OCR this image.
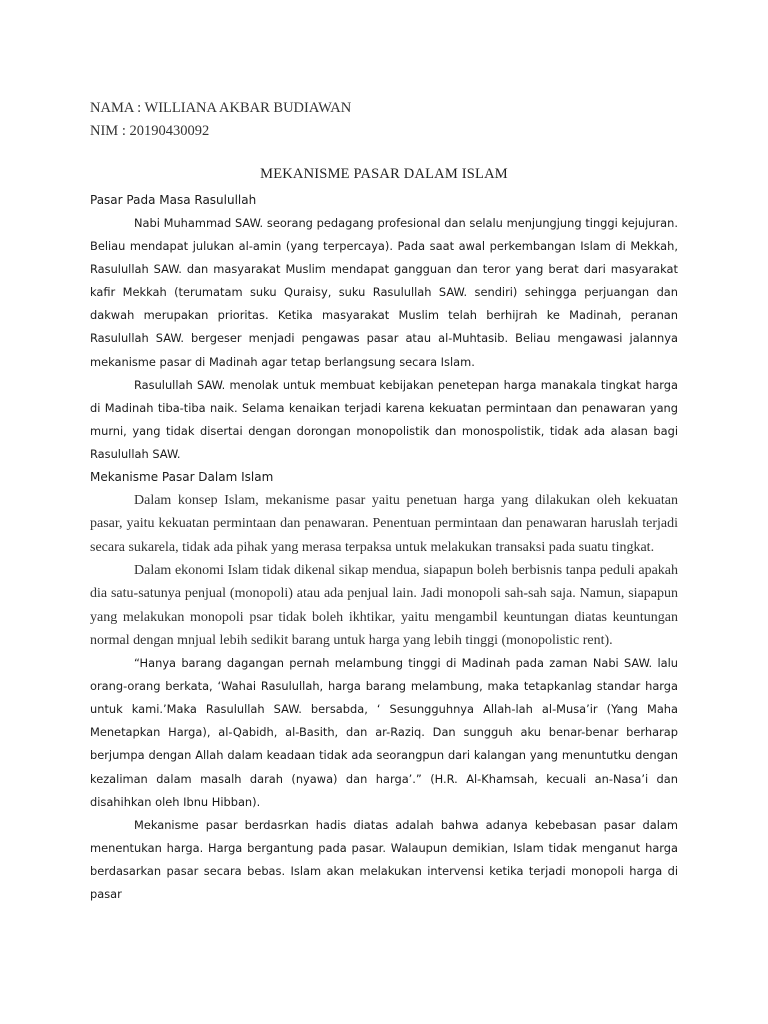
NAMA : WILLIANA AKBAR BUDIAWAN
NIM : 20190430092
MEKANISME PASAR DALAM ISLAM
Pasar Pada Masa Rasulullah

Nabi Muhammad SAW. seorang pedagang profesional dan selalu menjungjung tinggi kejujuran. Beliau mendapat julukan al-amin (yang terpercaya). Pada saat awal perkembangan Islam di Mekkah, Rasulullah SAW. dan masyarakat Muslim mendapat gangguan dan teror yang berat dari masyarakat kafir Mekkah (terumatam suku Quraisy, suku Rasulullah SAW. sendiri) sehingga perjuangan dan dakwah merupakan prioritas. Ketika masyarakat Muslim telah berhijrah ke Madinah, peranan Rasulullah SAW. bergeser menjadi pengawas pasar atau al-Muhtasib. Beliau mengawasi jalannya mekanisme pasar di Madinah agar tetap berlangsung secara Islam.

Rasulullah SAW. menolak untuk membuat kebijakan penetepan harga manakala tingkat harga di Madinah tiba-tiba naik. Selama kenaikan terjadi karena kekuatan permintaan dan penawaran yang murni, yang tidak disertai dengan dorongan monopolistik dan monospolistik, tidak ada alasan bagi Rasulullah SAW.

Mekanisme Pasar Dalam Islam

Dalam konsep Islam, mekanisme pasar yaitu penetuan harga yang dilakukan oleh kekuatan pasar, yaitu kekuatan permintaan dan penawaran. Penentuan permintaan dan penawaran haruslah terjadi secara sukarela, tidak ada pihak yang merasa terpaksa untuk melakukan transaksi pada suatu tingkat.

Dalam ekonomi Islam tidak dikenal sikap mendua, siapapun boleh berbisnis tanpa peduli apakah dia satu-satunya penjual (monopoli) atau ada penjual lain. Jadi monopoli sah-sah saja. Namun, siapapun yang melakukan monopoli psar tidak boleh ikhtikar, yaitu mengambil keuntungan diatas keuntungan normal dengan mnjual lebih sedikit barang untuk harga yang lebih tinggi (monopolistic rent).

“Hanya barang dagangan pernah melambung tinggi di Madinah pada zaman Nabi SAW. lalu orang-orang berkata, ‘Wahai Rasulullah, harga barang melambung, maka tetapkanlag standar harga untuk kami.’Maka Rasulullah SAW. bersabda, ‘ Sesungguhnya Allah-lah al-Musa’ir (Yang Maha Menetapkan Harga), al-Qabidh, al-Basith, dan ar-Raziq. Dan sungguh aku benar-benar berharap berjumpa dengan Allah dalam keadaan tidak ada seorangpun dari kalangan yang menuntutku dengan kezaliman dalam masalh darah (nyawa) dan harga’.” (H.R. Al-Khamsah, kecuali an-Nasa’i dan disahihkan oleh Ibnu Hibban).

Mekanisme pasar berdasrkan hadis diatas adalah bahwa adanya kebebasan pasar dalam menentukan harga. Harga bergantung pada pasar. Walaupun demikian, Islam tidak menganut harga berdasarkan pasar secara bebas. Islam akan melakukan intervensi ketika terjadi monopoli harga di pasar
